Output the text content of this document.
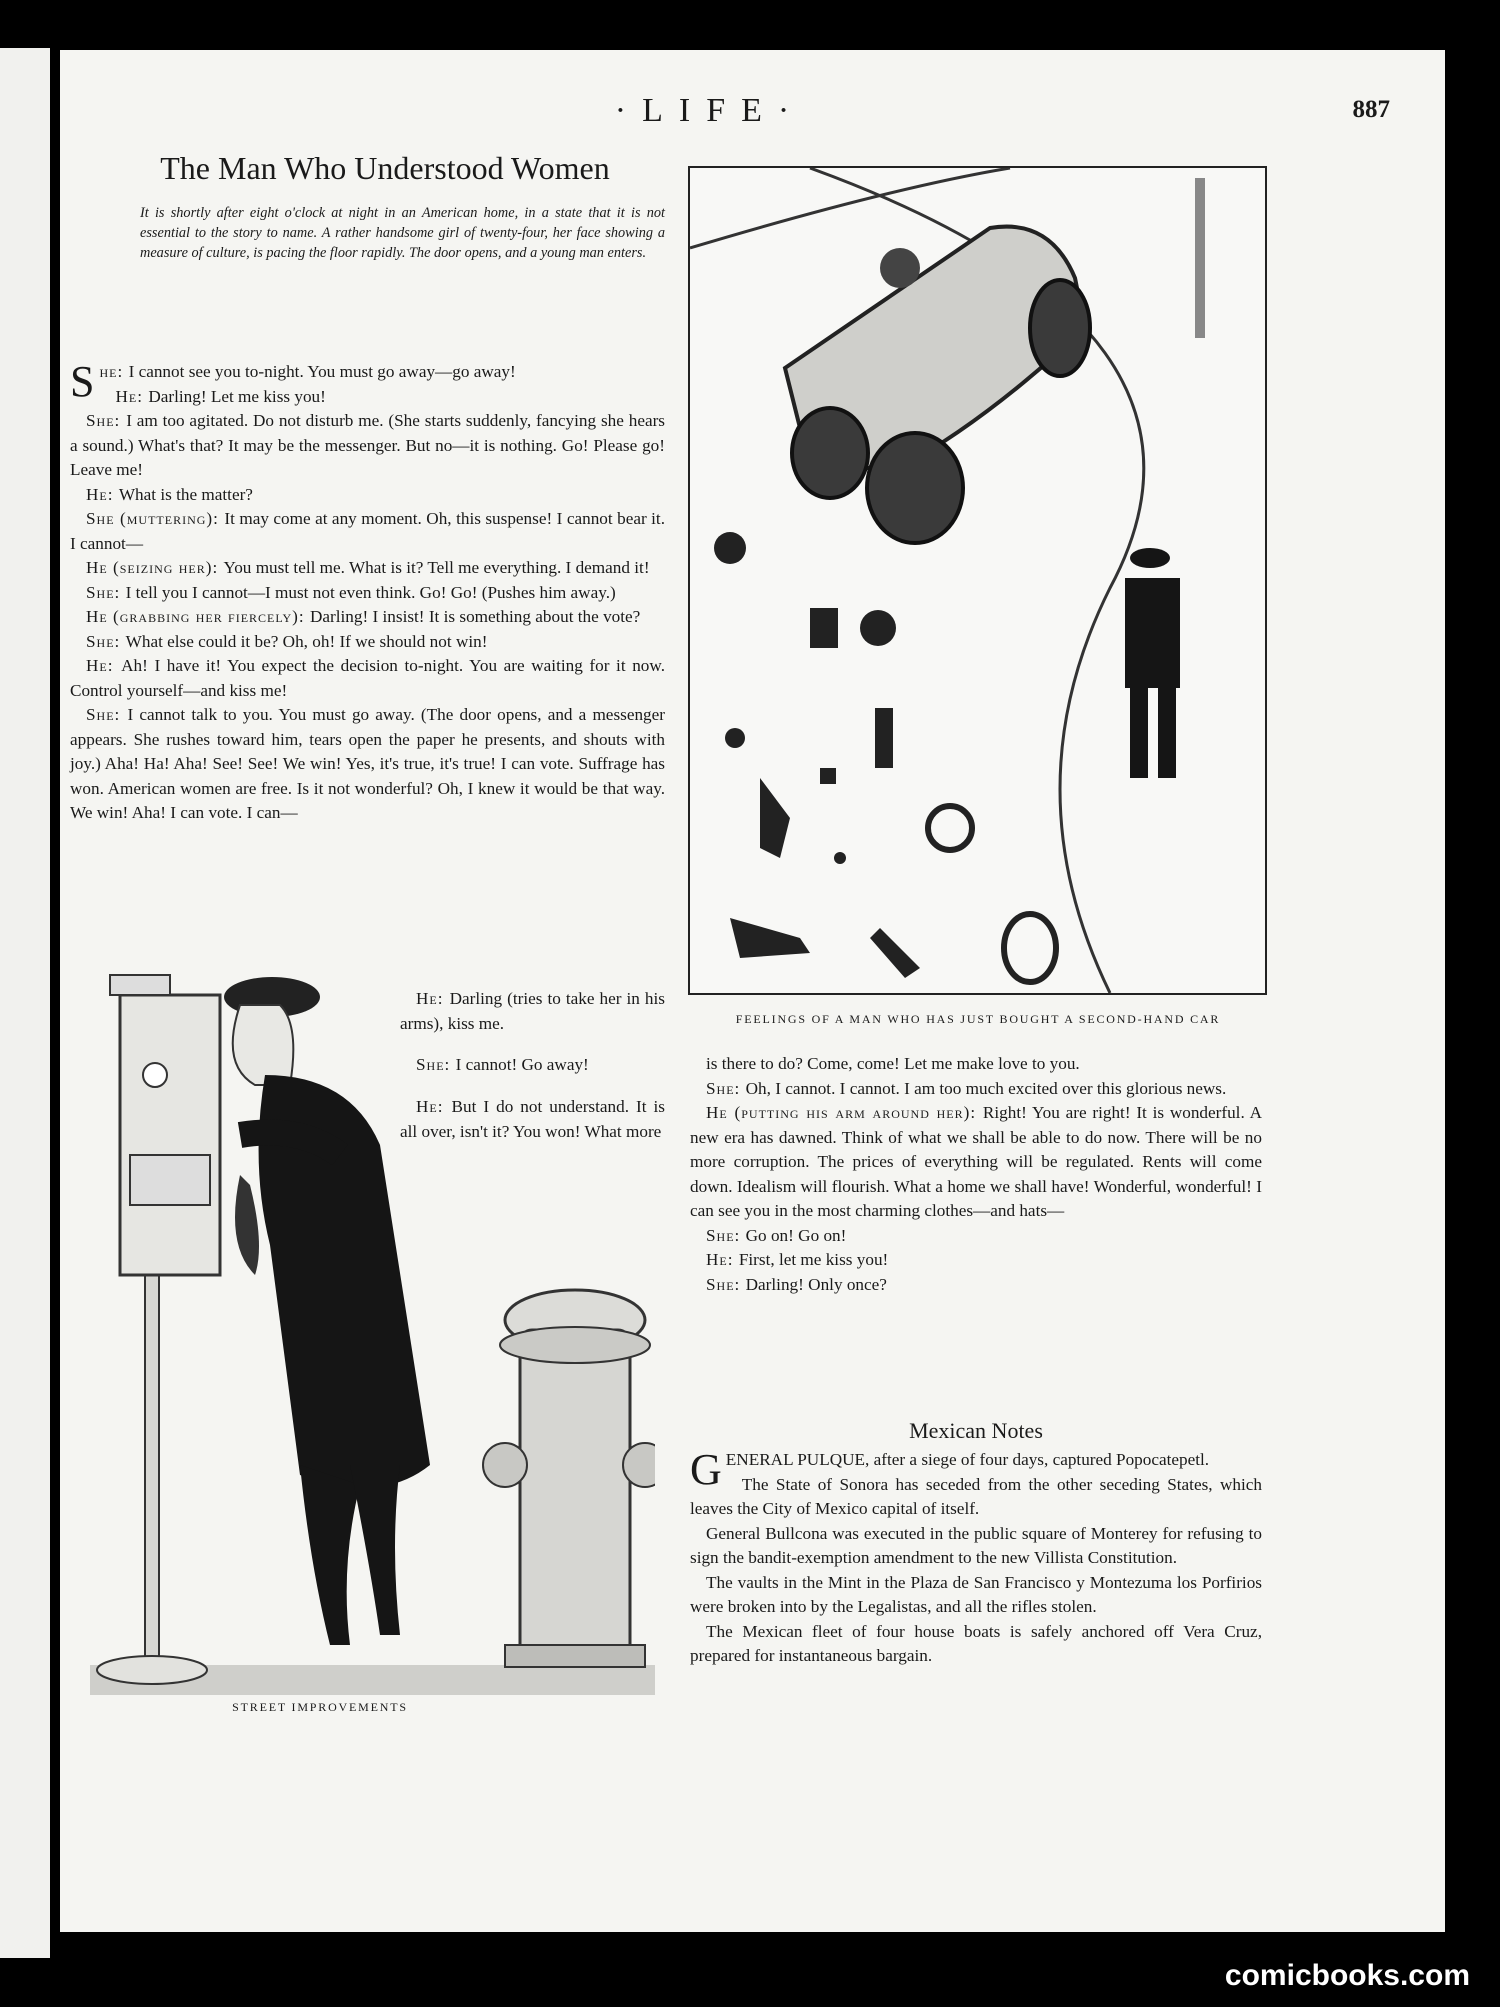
·LIFE·	887
The Man Who Understood Women
It is shortly after eight o'clock at night in an American home, in a state that it is not essential to the story to name. A rather handsome girl of twenty-four, her face showing a measure of culture, is pacing the floor rapidly. The door opens, and a young man enters.

She: I cannot see you to-night. You must go away—go away!

He: Darling! Let me kiss you!

She: I am too agitated. Do not disturb me. (She starts suddenly, fancying she hears a sound.) What's that? It may be the messenger. But no—it is nothing. Go! Please go! Leave me!

He: What is the matter?

She (muttering): It may come at any moment. Oh, this suspense! I cannot bear it. I cannot—

He (seizing her): You must tell me. What is it? Tell me everything. I demand it!

She: I tell you I cannot—I must not even think. Go! Go! (Pushes him away.)

He (grabbing her fiercely): Darling! I insist! It is something about the vote?

She: What else could it be? Oh, oh! If we should not win!

He: Ah! I have it! You expect the decision to-night. You are waiting for it now. Control yourself—and kiss me!

She: I cannot talk to you. You must go away. (The door opens, and a messenger appears. She rushes toward him, tears open the paper he presents, and shouts with joy.) Aha! Ha! Aha! See! See! We win! Yes, it's true, it's true! I can vote. Suffrage has won. American women are free. Is it not wonderful? Oh, I knew it would be that way. We win! Aha! I can vote. I can—

He: Darling (tries to take her in his arms), kiss me.

She: I cannot! Go away!

He: But I do not understand. It is all over, isn't it? You won! What more

FEELINGS OF A MAN WHO HAS JUST BOUGHT A SECOND-HAND CAR
STREET IMPROVEMENTS

is there to do? Come, come! Let me make love to you.

She: Oh, I cannot. I cannot. I am too much excited over this glorious news.

He (putting his arm around her): Right! You are right! It is wonderful. A new era has dawned. Think of what we shall be able to do now. There will be no more corruption. The prices of everything will be regulated. Rents will come down. Idealism will flourish. What a home we shall have! Wonderful, wonderful! I can see you in the most charming clothes—and hats—

She: Go on! Go on!

He: First, let me kiss you!

She: Darling! Only once?

Mexican Notes

GENERAL PULQUE, after a siege of four days, captured Popocatepetl.

The State of Sonora has seceded from the other seceding States, which leaves the City of Mexico capital of itself.

General Bullcona was executed in the public square of Monterey for refusing to sign the bandit-exemption amendment to the new Villista Constitution.

The vaults in the Mint in the Plaza de San Francisco y Montezuma los Porfirios were broken into by the Legalistas, and all the rifles stolen.

The Mexican fleet of four house boats is safely anchored off Vera Cruz, prepared for instantaneous bargain.

comicbooks.com
